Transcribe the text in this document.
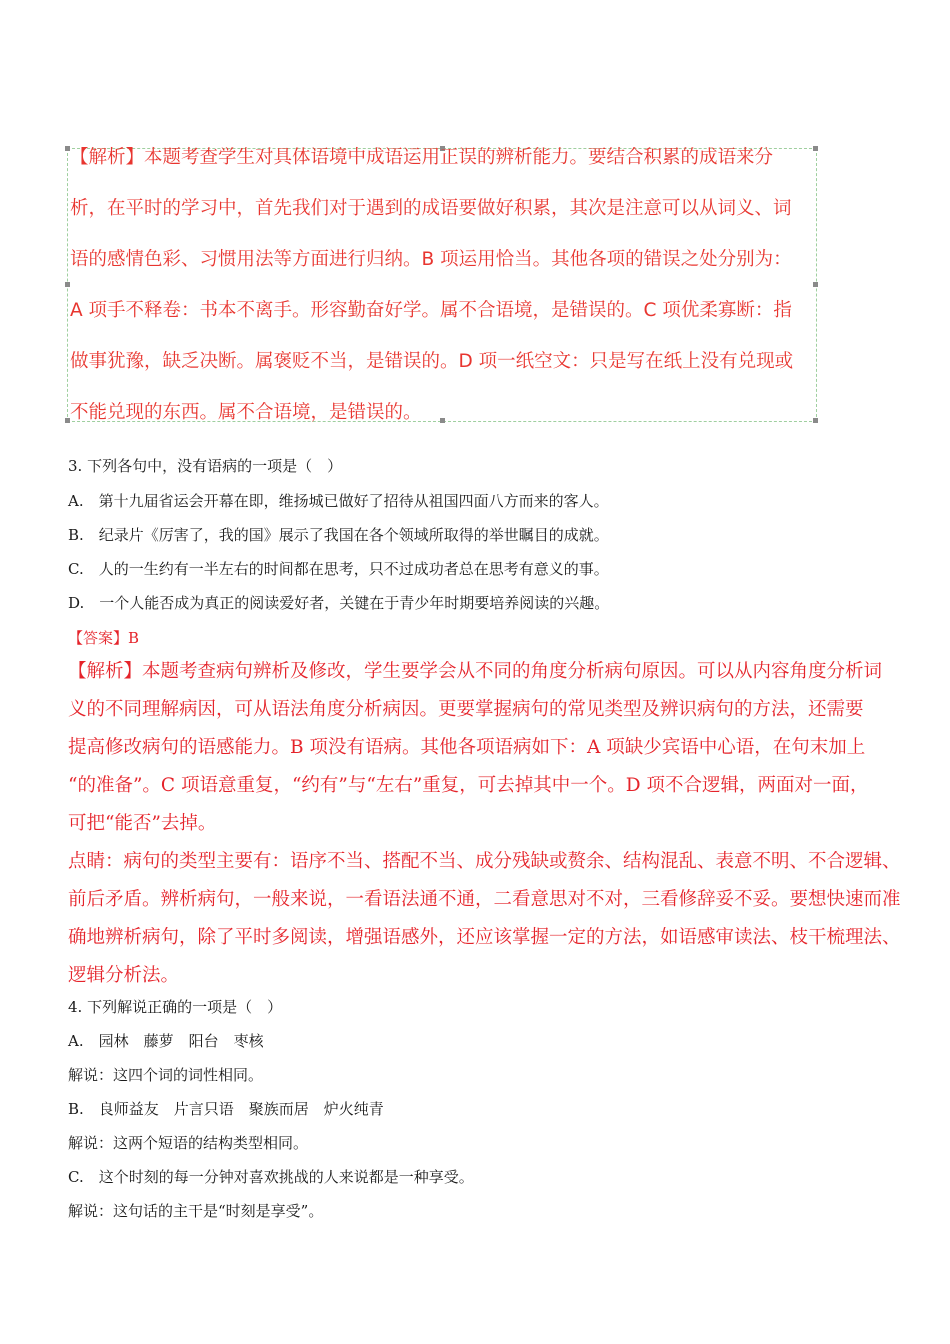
【解析】本题考查学生对具体语境中成语运用正误的辨析能力。要结合积累的成语来分
析，在平时的学习中，首先我们对于遇到的成语要做好积累，其次是注意可以从词义、词
语的感情色彩、习惯用法等方面进行归纳。B 项运用恰当。其他各项的错误之处分别为：
A 项手不释卷：书本不离手。形容勤奋好学。属不合语境，是错误的。C 项优柔寡断：指
做事犹豫，缺乏决断。属褒贬不当，是错误的。D 项一纸空文：只是写在纸上没有兑现或
不能兑现的东西。属不合语境，是错误的。
3. 下列各句中，没有语病的一项是（　）
A.　第十九届省运会开幕在即，维扬城已做好了招待从祖国四面八方而来的客人。
B.　纪录片《厉害了，我的国》展示了我国在各个领域所取得的举世瞩目的成就。
C.　人的一生约有一半左右的时间都在思考，只不过成功者总在思考有意义的事。
D.　一个人能否成为真正的阅读爱好者，关键在于青少年时期要培养阅读的兴趣。
【答案】B
【解析】本题考查病句辨析及修改，学生要学会从不同的角度分析病句原因。可以从内容角度分析词
义的不同理解病因，可从语法角度分析病因。更要掌握病句的常见类型及辨识病句的方法，还需要
提高修改病句的语感能力。B 项没有语病。其他各项语病如下：A 项缺少宾语中心语，在句末加上
“的准备”。C 项语意重复，“约有”与“左右”重复，可去掉其中一个。D 项不合逻辑，两面对一面，
可把“能否”去掉。
点睛：病句的类型主要有：语序不当、搭配不当、成分残缺或赘余、结构混乱、表意不明、不合逻辑、
前后矛盾。辨析病句，一般来说，一看语法通不通，二看意思对不对，三看修辞妥不妥。要想快速而准
确地辨析病句，除了平时多阅读，增强语感外，还应该掌握一定的方法，如语感审读法、枝干梳理法、
逻辑分析法。
4. 下列解说正确的一项是（　）
A.　园林　藤萝　阳台　枣核
解说：这四个词的词性相同。
B.　良师益友　片言只语　聚族而居　炉火纯青
解说：这两个短语的结构类型相同。
C.　这个时刻的每一分钟对喜欢挑战的人来说都是一种享受。
解说：这句话的主干是“时刻是享受”。
